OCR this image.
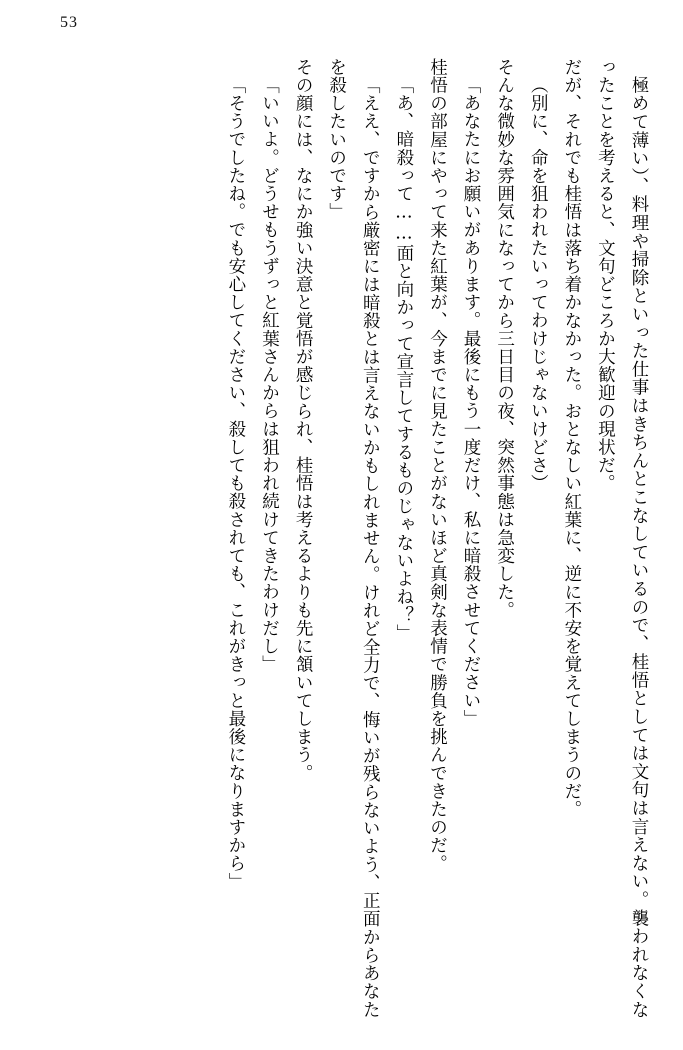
53

極めて薄い）、料理や掃除といった仕事はきちんとこなしているので、桂悟としては文句は言えない。襲われなくなったことを考えると、文句どころか大歓迎の現状だ。

だが、それでも桂悟は落ち着かなかった。おとなしい紅葉に、逆に不安を覚えてしまうのだ。

（別に、命を狙われたいってわけじゃないけどさ）

そんな微妙な雰囲気になってから三日目の夜、突然事態は急変した。

「あなたにお願いがあります。最後にもう一度だけ、私に暗殺させてください」

桂悟の部屋にやって来た紅葉が、今までに見たことがないほど真剣な表情で勝負を挑んできたのだ。

「あ、暗殺って……面と向かって宣言してするものじゃないよね？」

「ええ、ですから厳密には暗殺とは言えないかもしれません。けれど全力で、悔いが残らないよう、正面からあなたを殺したいのです」

その顔には、なにか強い決意と覚悟が感じられ、桂悟は考えるよりも先に頷いてしまう。

「いいよ。どうせもうずっと紅葉さんからは狙われ続けてきたわけだし」

「そうでしたね。でも安心してください、殺しても殺されても、これがきっと最後になりますから」
